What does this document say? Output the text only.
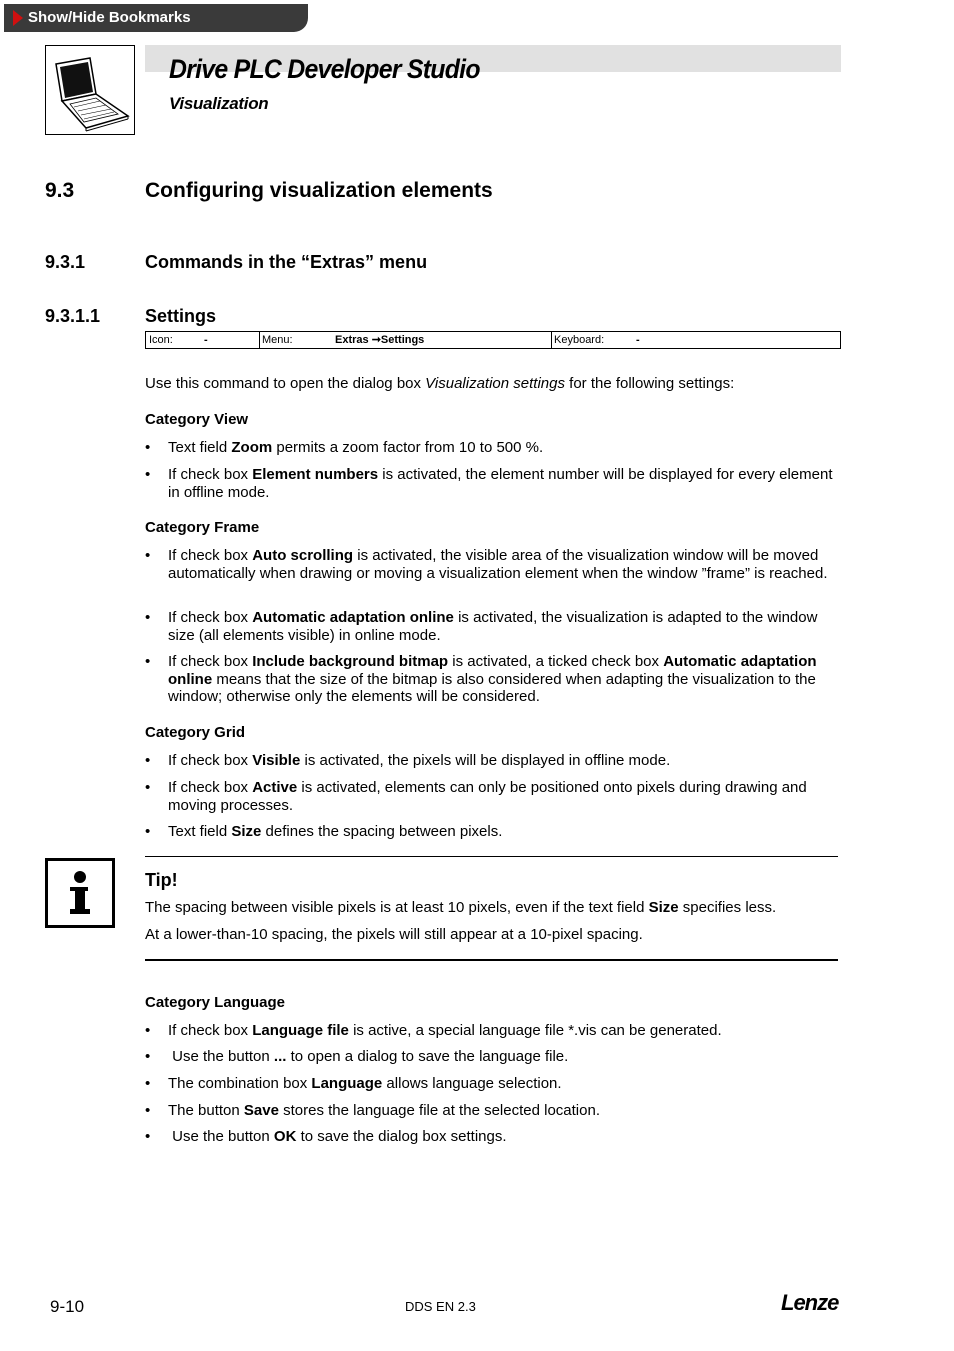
Show/Hide Bookmarks
Drive PLC Developer Studio
Visualization
9.3	Configuring visualization elements
9.3.1	Commands in the “Extras” menu
9.3.1.1 Settings
Icon:	-	Menu:	Extras ➞Settings	Keyboard:	-
Use this command to open the dialog box Visualization settings for the following settings:
Category View
• Text field Zoom permits a zoom factor from 10 to 500 %.
• If check box Element numbers is activated, the element number will be displayed for every element in offline mode.
Category Frame
• If check box Auto scrolling is activated, the visible area of the visualization window will be moved automatically when drawing or moving a visualization element when the window ”frame” is reached.
• If check box Automatic adaptation online is activated, the visualization is adapted to the window size (all elements visible) in online mode.
• If check box Include background bitmap is activated, a ticked check box Automatic adaptation online means that the size of the bitmap is also considered when adapting the visualization to the window; otherwise only the elements will be considered.
Category Grid
• If check box Visible is activated, the pixels will be displayed in offline mode.
• If check box Active is activated, elements can only be positioned onto pixels during drawing and moving processes.
• Text field Size defines the spacing between pixels.
Tip!
The spacing between visible pixels is at least 10 pixels, even if the text field Size specifies less.
At a lower-than-10 spacing, the pixels will still appear at a 10-pixel spacing.
Category Language
• If check box Language file is active, a special language file *.vis can be generated.
• Use the button ... to open a dialog to save the language file.
• The combination box Language allows language selection.
• The button Save stores the language file at the selected location.
• Use the button OK to save the dialog box settings.
9-10	DDS EN 2.3	Lenze
